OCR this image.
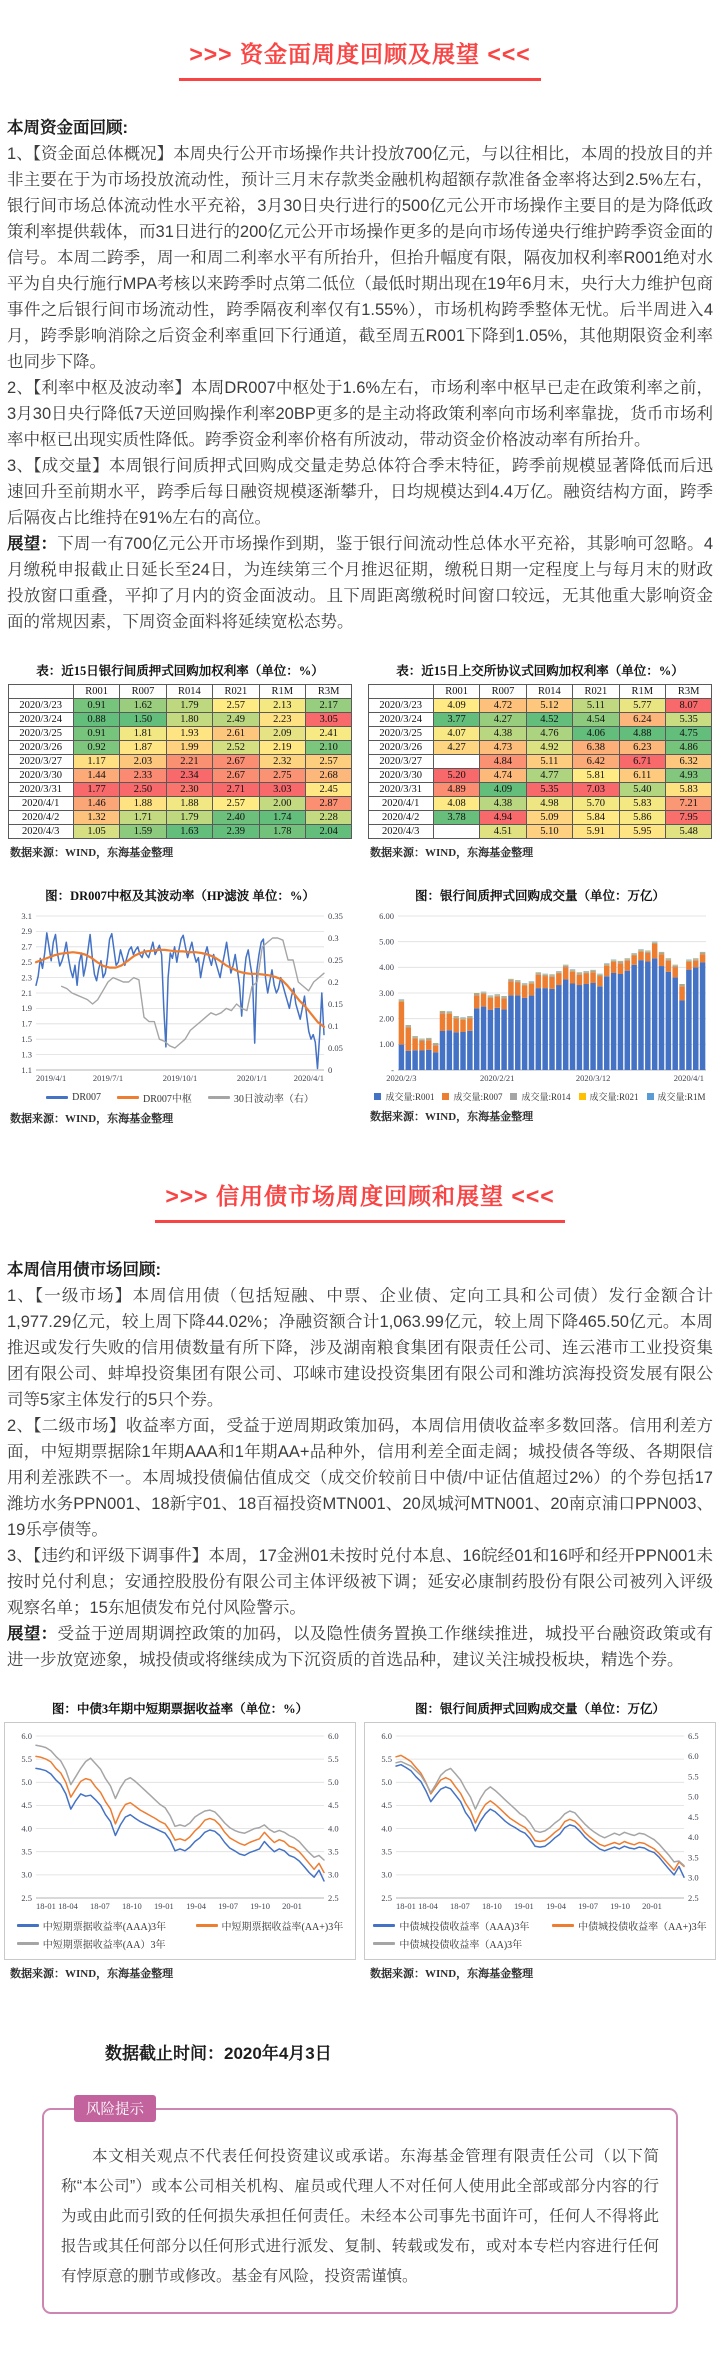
>>> 资金面周度回顾及展望 <<<

本周资金面回顾:

1、【资金面总体概况】本周央行公开市场操作共计投放700亿元，与以往相比，本周的投放目的并非主要在于为市场投放流动性，预计三月末存款类金融机构超额存款准备金率将达到2.5%左右，银行间市场总体流动性水平充裕，3月30日央行进行的500亿元公开市场操作主要目的是为降低政策利率提供载体，而31日进行的200亿元公开市场操作更多的是向市场传递央行维护跨季资金面的信号。本周二跨季，周一和周二利率水平有所抬升，但抬升幅度有限，隔夜加权利率R001绝对水平为自央行施行MPA考核以来跨季时点第二低位（最低时期出现在19年6月末，央行大力维护包商事件之后银行间市场流动性，跨季隔夜利率仅有1.55%），市场机构跨季整体无忧。后半周进入4月，跨季影响消除之后资金利率重回下行通道，截至周五R001下降到1.05%，其他期限资金利率也同步下降。

2、【利率中枢及波动率】本周DR007中枢处于1.6%左右，市场利率中枢早已走在政策利率之前，3月30日央行降低7天逆回购操作利率20BP更多的是主动将政策利率向市场利率靠拢，货币市场利率中枢已出现实质性降低。跨季资金利率价格有所波动，带动资金价格波动率有所抬升。

3、【成交量】本周银行间质押式回购成交量走势总体符合季末特征，跨季前规模显著降低而后迅速回升至前期水平，跨季后每日融资规模逐渐攀升，日均规模达到4.4万亿。融资结构方面，跨季后隔夜占比维持在91%左右的高位。

展望：下周一有700亿元公开市场操作到期，鉴于银行间流动性总体水平充裕，其影响可忽略。4月缴税申报截止日延长至24日，为连续第三个月推迟征期，缴税日期一定程度上与每月末的财政投放窗口重叠，平抑了月内的资金面波动。且下周距离缴税时间窗口较远，无其他重大影响资金面的常规因素，下周资金面料将延续宽松态势。

表：近15日银行间质押式回购加权利率（单位：%）
	R001	R007	R014	R021	R1M	R3M
2020/3/23	0.91	1.62	1.79	2.57	2.13	2.17
2020/3/24	0.88	1.50	1.80	2.49	2.23	3.05
2020/3/25	0.91	1.81	1.93	2.61	2.09	2.41
2020/3/26	0.92	1.87	1.99	2.52	2.19	2.10
2020/3/27	1.17	2.03	2.21	2.67	2.32	2.57
2020/3/30	1.44	2.33	2.34	2.67	2.75	2.68
2020/3/31	1.77	2.50	2.30	2.71	3.03	2.45
2020/4/1	1.46	1.88	1.88	2.57	2.00	2.87
2020/4/2	1.32	1.71	1.79	2.40	1.74	2.28
2020/4/3	1.05	1.59	1.63	2.39	1.78	2.04
数据来源：WIND，东海基金整理
表：近15日上交所协议式回购加权利率（单位：%）
	R001	R007	R014	R021	R1M	R3M
2020/3/23	4.09	4.72	5.12	5.11	5.77	8.07
2020/3/24	3.77	4.27	4.52	4.54	6.24	5.35
2020/3/25	4.07	4.38	4.76	4.06	4.88	4.75
2020/3/26	4.27	4.73	4.92	6.38	6.23	4.86
2020/3/27		4.84	5.11	6.42	6.71	6.32
2020/3/30	5.20	4.74	4.77	5.81	6.11	4.93
2020/3/31	4.89	4.09	5.35	7.03	5.40	5.83
2020/4/1	4.08	4.38	4.98	5.70	5.83	7.21
2020/4/2	3.78	4.94	5.09	5.84	5.86	7.95
2020/4/3		4.51	5.10	5.91	5.95	5.48
数据来源：WIND，东海基金整理
图：DR007中枢及其波动率（HP滤波 单位：%）
1.1
1.3
1.5
1.7
1.9
2.1
2.3
2.5
2.7
2.9
3.1
0
0.05
0.1
0.15
0.2
0.25
0.3
0.35
2019/4/1	2019/7/1	2019/10/1	2020/1/1	2020/4/1
DR007	DR007中枢	30日波动率（右）
数据来源：WIND，东海基金整理
图：银行间质押式回购成交量（单位：万亿）
-
1.00
2.00
3.00
4.00
5.00
6.00
2020/2/3	2020/2/21	2020/3/12	2020/4/1
成交量:R001 成交量:R007 成交量:R014 成交量:R021 成交量:R1M
数据来源：WIND，东海基金整理
>>> 信用债市场周度回顾和展望 <<<

本周信用债市场回顾:

1、【一级市场】本周信用债（包括短融、中票、企业债、定向工具和公司债）发行金额合计1,977.29亿元，较上周下降44.02%；净融资额合计1,063.99亿元，较上周下降465.50亿元。本周推迟或发行失败的信用债数量有所下降，涉及湖南粮食集团有限责任公司、连云港市工业投资集团有限公司、蚌埠投资集团有限公司、邛崃市建设投资集团有限公司和潍坊滨海投资发展有限公司等5家主体发行的5只个券。

2、【二级市场】收益率方面，受益于逆周期政策加码，本周信用债收益率多数回落。信用利差方面，中短期票据除1年期AAA和1年期AA+品种外，信用利差全面走阔；城投债各等级、各期限信用利差涨跌不一。本周城投债偏估值成交（成交价较前日中债/中证估值超过2%）的个券包括17潍坊水务PPN001、18新宇01、18百福投资MTN001、20凤城河MTN001、20南京浦口PPN003、19乐亭债等。

3、【违约和评级下调事件】本周，17金洲01未按时兑付本息、16皖经01和16呼和经开PPN001未按时兑付利息；安通控股股份有限公司主体评级被下调；延安必康制药股份有限公司被列入评级观察名单；15东旭债发布兑付风险警示。

展望：受益于逆周期调控政策的加码，以及隐性债务置换工作继续推进，城投平台融资政策或有进一步放宽迹象，城投债或将继续成为下沉资质的首选品种，建议关注城投板块，精选个券。

图：中债3年期中短期票据收益率（单位：%）
2.5
3.0
3.5
4.0
4.5
5.0
5.5
6.0
2.5
3.0
3.5
4.0
4.5
5.0
5.5
6.0
18-01 18-04 18-07 18-10 19-01 19-04 19-07 19-10 20-01
中短期票据收益率(AAA)3年	中短期票据收益率(AA+)3年
中短期票据收益率(AA）3年
数据来源：WIND，东海基金整理
图：银行间质押式回购成交量（单位：万亿）
2.5
3.0
3.5
4.0
4.5
5.0
5.5
6.0
2.5
3.0
3.5
4.0
4.5
5.0
5.5
6.0
6.5
18-01 18-04 18-07 18-10 19-01 19-04 19-07 19-10 20-01
中债城投债收益率（AAA)3年	中债城投债收益率（AA+)3年
中债城投债收益率（AA)3年
数据来源：WIND，东海基金整理
数据截止时间：2020年4月3日
风险提示

本文相关观点不代表任何投资建议或承诺。东海基金管理有限责任公司（以下简称“本公司”）或本公司相关机构、雇员或代理人不对任何人使用此全部或部分内容的行为或由此而引致的任何损失承担任何责任。未经本公司事先书面许可，任何人不得将此报告或其任何部分以任何形式进行派发、复制、转载或发布，或对本专栏内容进行任何有悖原意的删节或修改。基金有风险，投资需谨慎。
